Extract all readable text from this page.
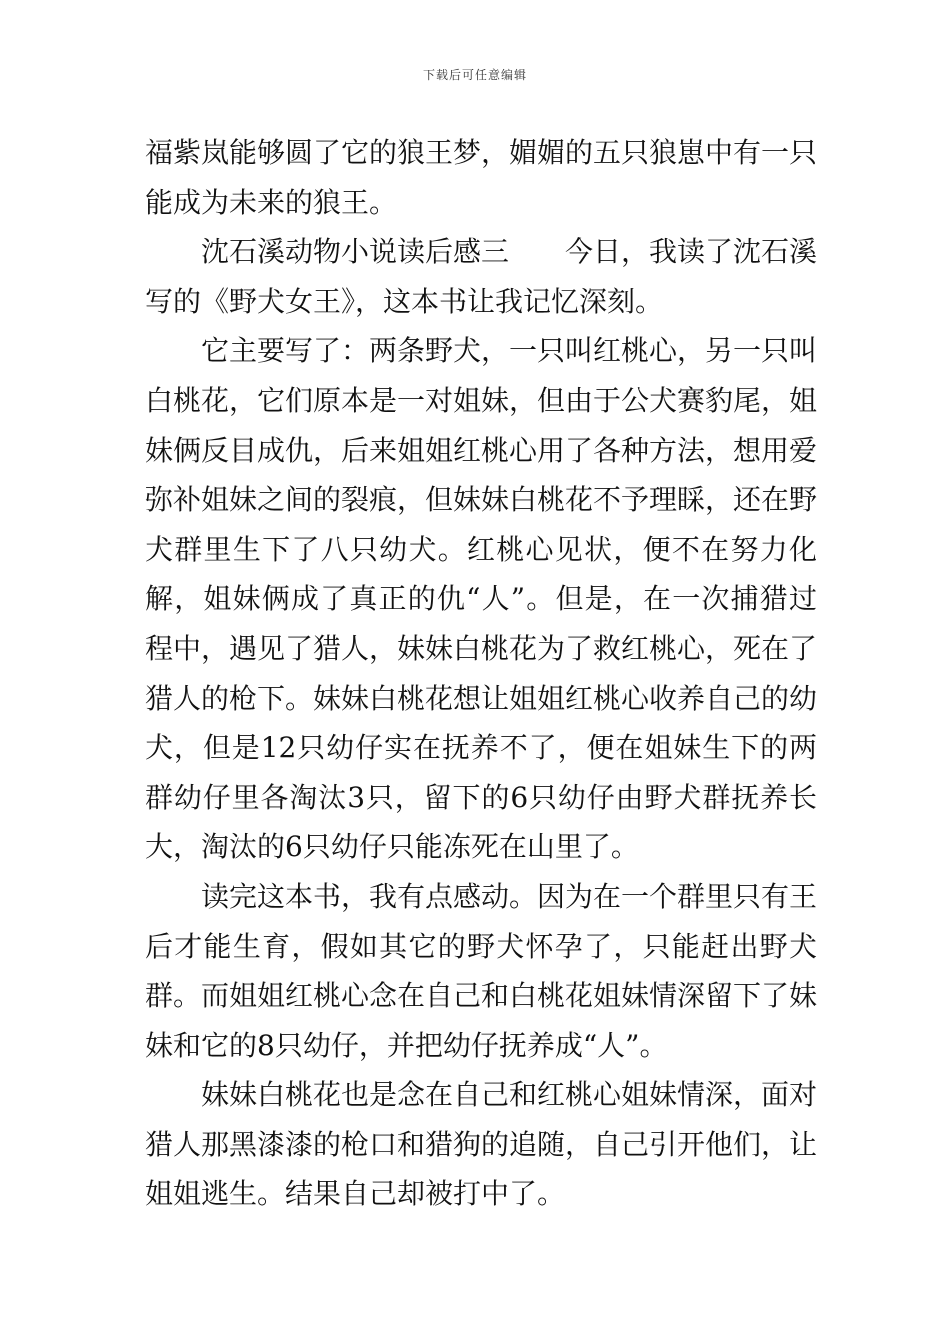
下载后可任意编辑

福紫岚能够圆了它的狼王梦，媚媚的五只狼崽中有一只能成为未来的狼王。

沈石溪动物小说读后感三　　今日，我读了沈石溪写的《野犬女王》，这本书让我记忆深刻。

它主要写了：两条野犬，一只叫红桃心，另一只叫白桃花，它们原本是一对姐妹，但由于公犬赛豹尾，姐妹俩反目成仇，后来姐姐红桃心用了各种方法，想用爱弥补姐妹之间的裂痕，但妹妹白桃花不予理睬，还在野犬群里生下了八只幼犬。红桃心见状，便不在努力化解，姐妹俩成了真正的仇“人”。但是，在一次捕猎过程中，遇见了猎人，妹妹白桃花为了救红桃心，死在了猎人的枪下。妹妹白桃花想让姐姐红桃心收养自己的幼犬，但是12只幼仔实在抚养不了，便在姐妹生下的两群幼仔里各淘汰3只，留下的6只幼仔由野犬群抚养长大，淘汰的6只幼仔只能冻死在山里了。

读完这本书，我有点感动。因为在一个群里只有王后才能生育，假如其它的野犬怀孕了，只能赶出野犬群。而姐姐红桃心念在自己和白桃花姐妹情深留下了妹妹和它的8只幼仔，并把幼仔抚养成“人”。

妹妹白桃花也是念在自己和红桃心姐妹情深，面对猎人那黑漆漆的枪口和猎狗的追随，自己引开他们，让姐姐逃生。结果自己却被打中了。
